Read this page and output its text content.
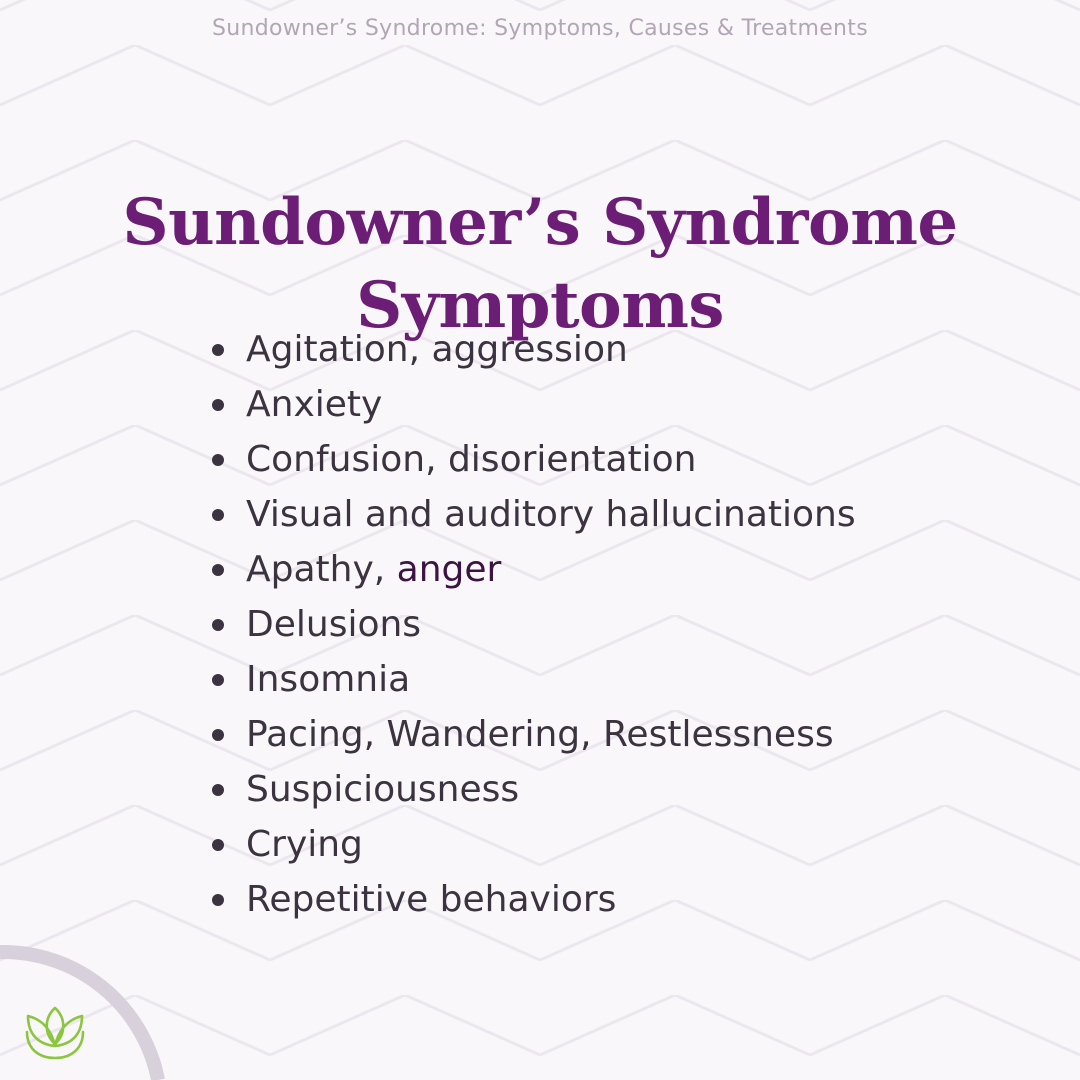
Sundowner’s Syndrome: Symptoms, Causes & Treatments
Sundowner’s Syndrome
Symptoms
Agitation, aggression
Anxiety
Confusion, disorientation
Visual and auditory hallucinations
Apathy, anger
Delusions
Insomnia
Pacing, Wandering, Restlessness
Suspiciousness
Crying
Repetitive behaviors
